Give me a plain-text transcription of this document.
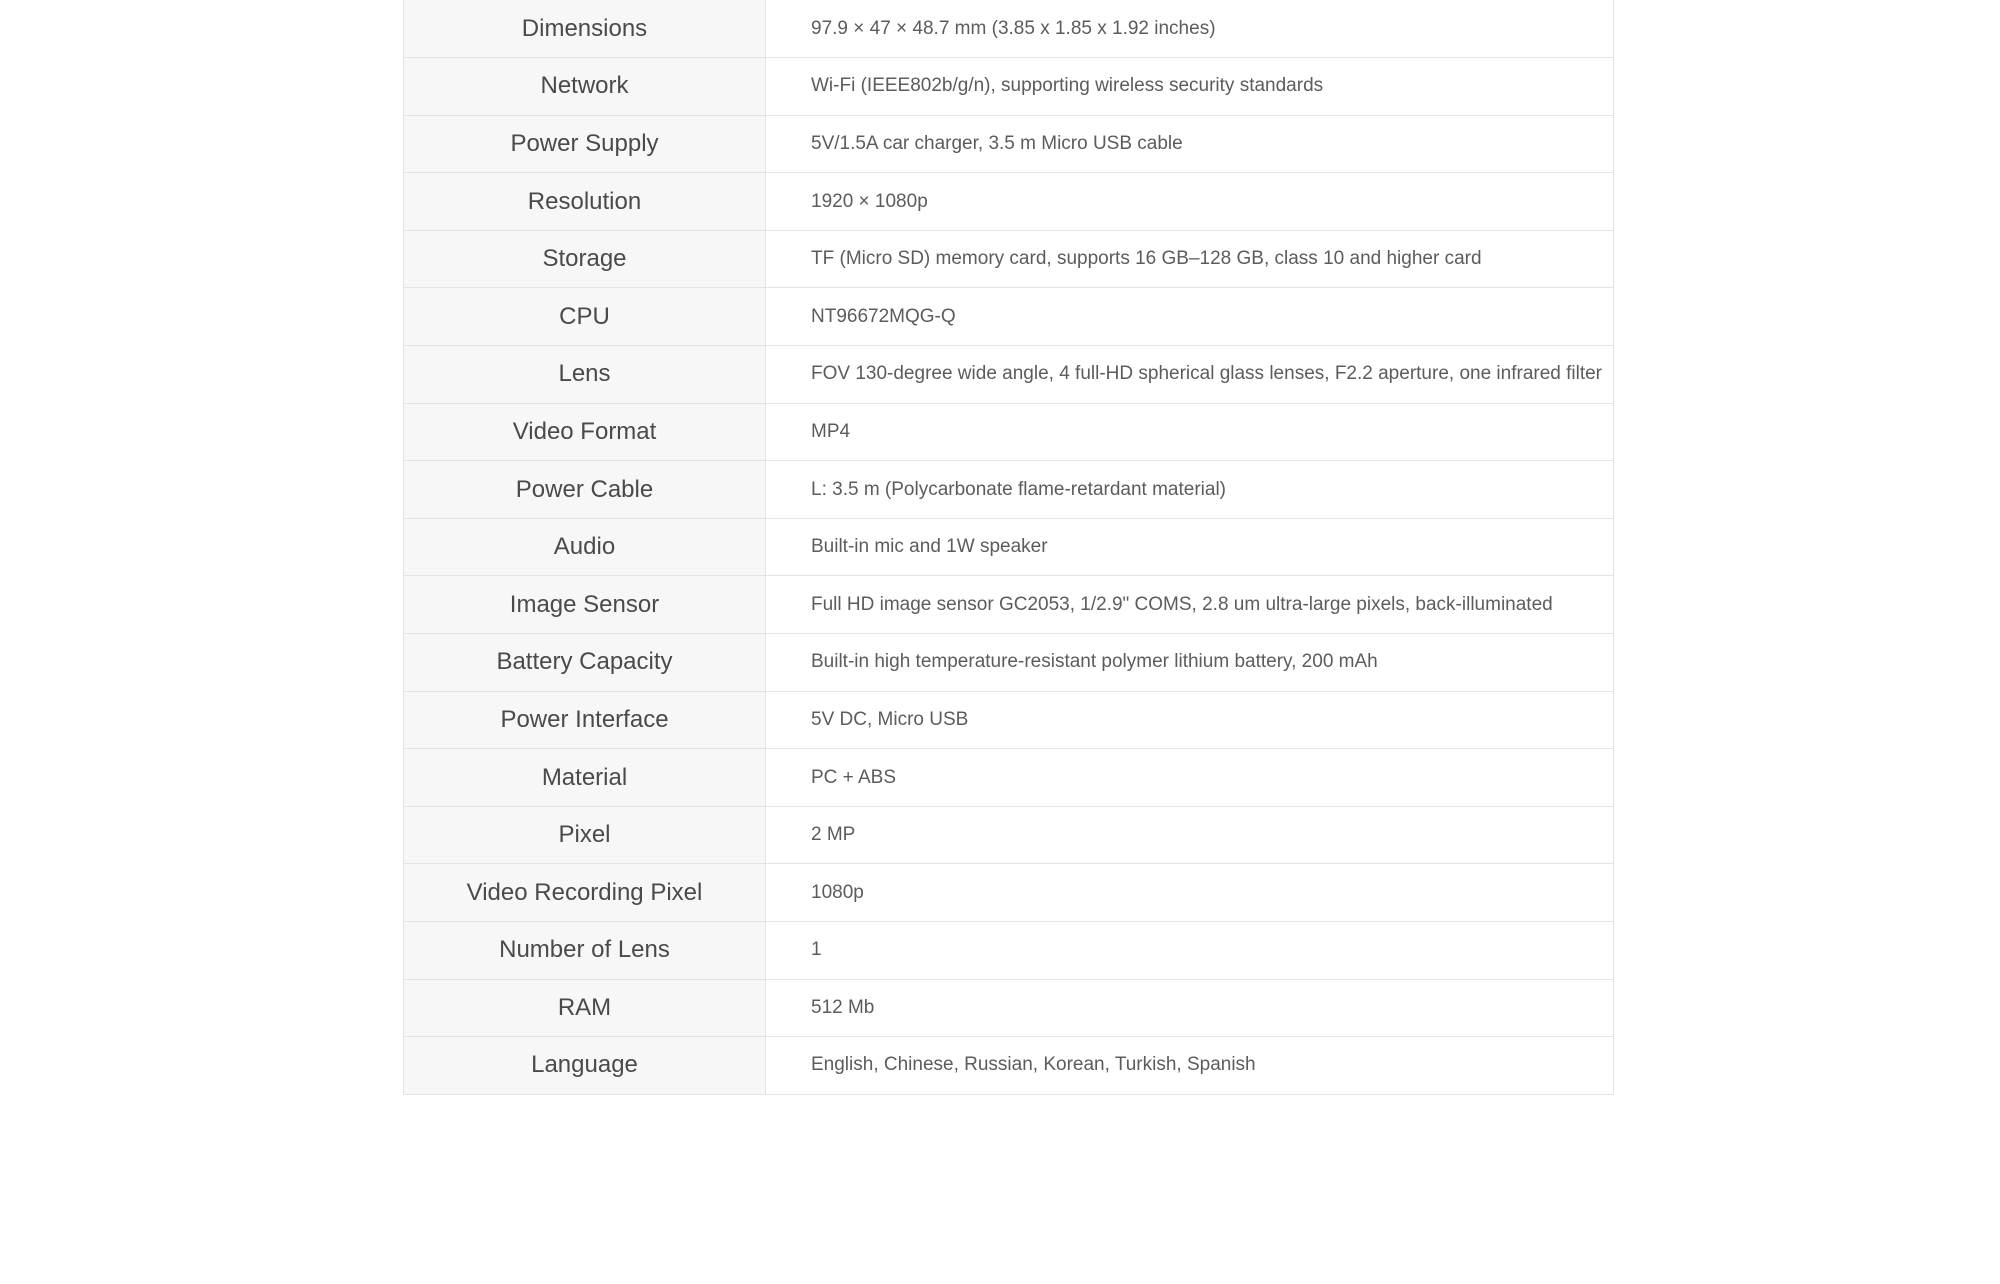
Dimensions	97.9 × 47 × 48.7 mm (3.85 x 1.85 x 1.92 inches)
Network	Wi-Fi (IEEE802b/g/n), supporting wireless security standards
Power Supply	5V/1.5A car charger, 3.5 m Micro USB cable
Resolution	1920 × 1080p
Storage	TF (Micro SD) memory card, supports 16 GB–128 GB, class 10 and higher card
CPU	NT96672MQG-Q
Lens	FOV 130-degree wide angle, 4 full-HD spherical glass lenses, F2.2 aperture, one infrared filter
Video Format	MP4
Power Cable	L: 3.5 m (Polycarbonate flame-retardant material)
Audio	Built-in mic and 1W speaker
Image Sensor	Full HD image sensor GC2053, 1/2.9" COMS, 2.8 um ultra-large pixels, back-illuminated
Battery Capacity	Built-in high temperature-resistant polymer lithium battery, 200 mAh
Power Interface	5V DC, Micro USB
Material	PC + ABS
Pixel	2 MP
Video Recording Pixel	1080p
Number of Lens	1
RAM	512 Mb
Language	English, Chinese, Russian, Korean, Turkish, Spanish
